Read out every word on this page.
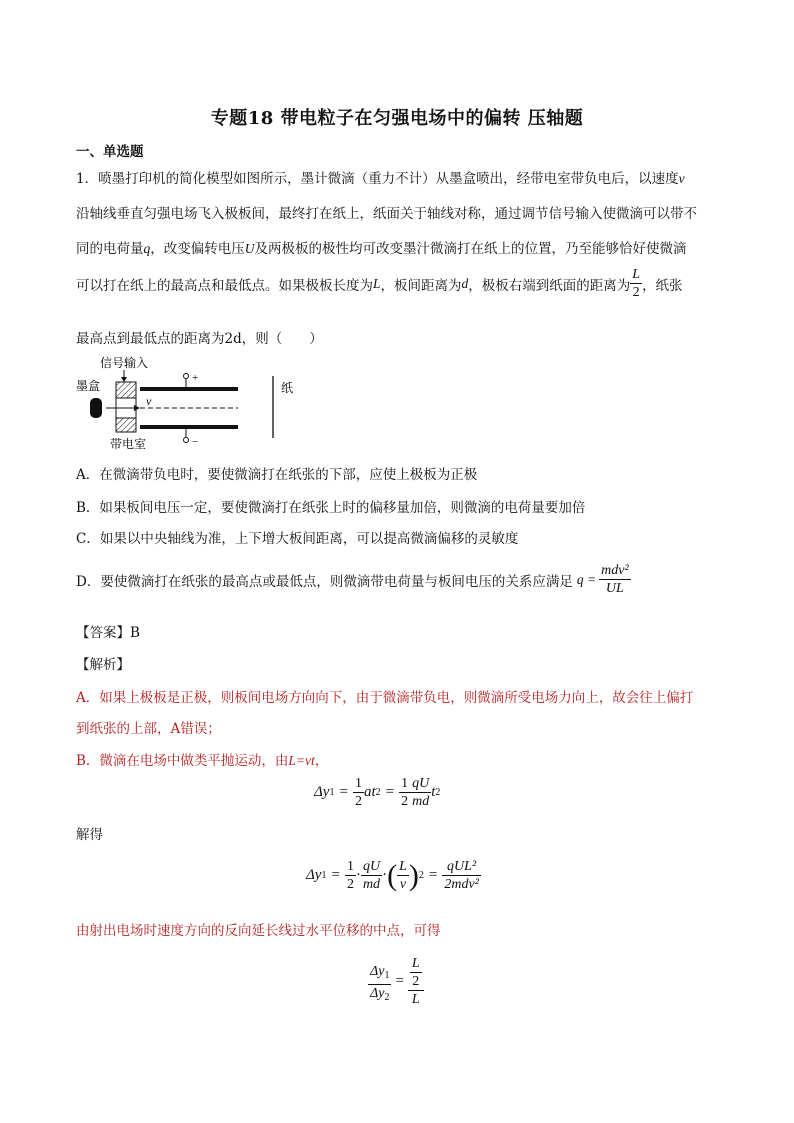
专题18 带电粒子在匀强电场中的偏转 压轴题
一、单选题
1．喷墨打印机的简化模型如图所示，墨计微滴（重力不计）从墨盒喷出，经带电室带负电后，以速度v
沿轴线垂直匀强电场飞入极板间，最终打在纸上，纸面关于轴线对称，通过调节信号输入使微滴可以带不
同的电荷量q，改变偏转电压U及两极板的极性均可改变墨汁微滴打在纸上的位置，乃至能够恰好使微滴
可以打在纸上的最高点和最低点。如果极板长度为 L ，板间距离为 d ，极板右端到纸面的距离为 $\frac{L}{2}$ ，纸张
最高点到最低点的距离为2d，则（　　）
信号输入
墨盒
v
+
−
带电室
纸
A．在微滴带负电时，要使微滴打在纸张的下部，应使上极板为正极
B．如果板间电压一定，要使微滴打在纸张上时的偏移量加倍，则微滴的电荷量要加倍
C．如果以中央轴线为准，上下增大板间距离，可以提高微滴偏移的灵敏度
D．要使微滴打在纸张的最高点或最低点，则微滴带电荷量与板间电压的关系应满足 $q = \frac{\text{mdv²}}{UL}$
【答案】B
【解析】
A．如果上极板是正极，则板间电场方向向下，由于微滴带负电，则微滴所受电场力向上，故会往上偏打
到纸张的上部，A错误；
B．微滴在电场中做类平抛运动，由L=vt，
Δy $1 = \frac{1}{2}$ at $2 = \frac{1}{2} \frac{qU}{md}$ t 2
解得
Δy $1 = \frac{1}{2} \cdot \frac{qU}{md}$ · ( $\frac{L}{v}$ ) $2 = \frac{\text{qUL²}}{\text{2mdv²}}$
由射出电场时速度方向的反向延长线过水平位移的中点，可得
$\frac{\Delta y_1}{\Delta y_2} = \frac{\frac{L}{2}}{L}$
